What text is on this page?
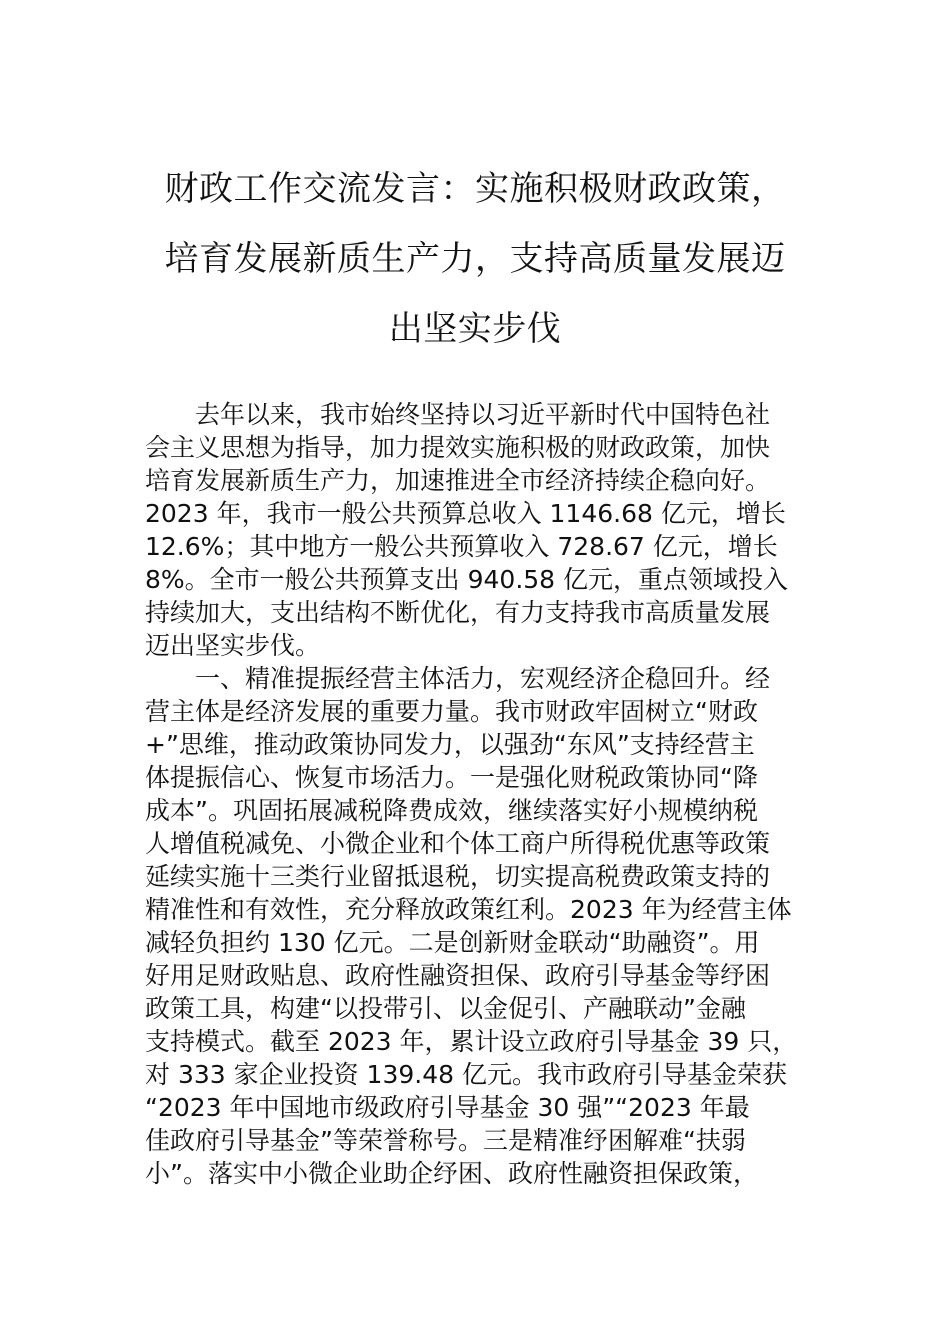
财政工作交流发言：实施积极财政政策，
培育发展新质生产力，支持高质量发展迈
出坚实步伐
去年以来，我市始终坚持以习近平新时代中国特色社
会主义思想为指导，加力提效实施积极的财政政策，加快
培育发展新质生产力，加速推进全市经济持续企稳向好。
2023 年，我市一般公共预算总收入 1146.68 亿元，增长
12.6%；其中地方一般公共预算收入 728.67 亿元，增长
8%。全市一般公共预算支出 940.58 亿元，重点领域投入
持续加大，支出结构不断优化，有力支持我市高质量发展
迈出坚实步伐。
一、精准提振经营主体活力，宏观经济企稳回升。经
营主体是经济发展的重要力量。我市财政牢固树立“财政
+”思维，推动政策协同发力，以强劲“东风”支持经营主
体提振信心、恢复市场活力。一是强化财税政策协同“降
成本”。巩固拓展减税降费成效，继续落实好小规模纳税
人增值税减免、小微企业和个体工商户所得税优惠等政策
延续实施十三类行业留抵退税，切实提高税费政策支持的
精准性和有效性，充分释放政策红利。2023 年为经营主体
减轻负担约 130 亿元。二是创新财金联动“助融资”。用
好用足财政贴息、政府性融资担保、政府引导基金等纾困
政策工具，构建“以投带引、以金促引、产融联动”金融
支持模式。截至 2023 年，累计设立政府引导基金 39 只，
对 333 家企业投资 139.48 亿元。我市政府引导基金荣获
“2023 年中国地市级政府引导基金 30 强”“2023 年最
佳政府引导基金”等荣誉称号。三是精准纾困解难“扶弱
小”。落实中小微企业助企纾困、政府性融资担保政策，
